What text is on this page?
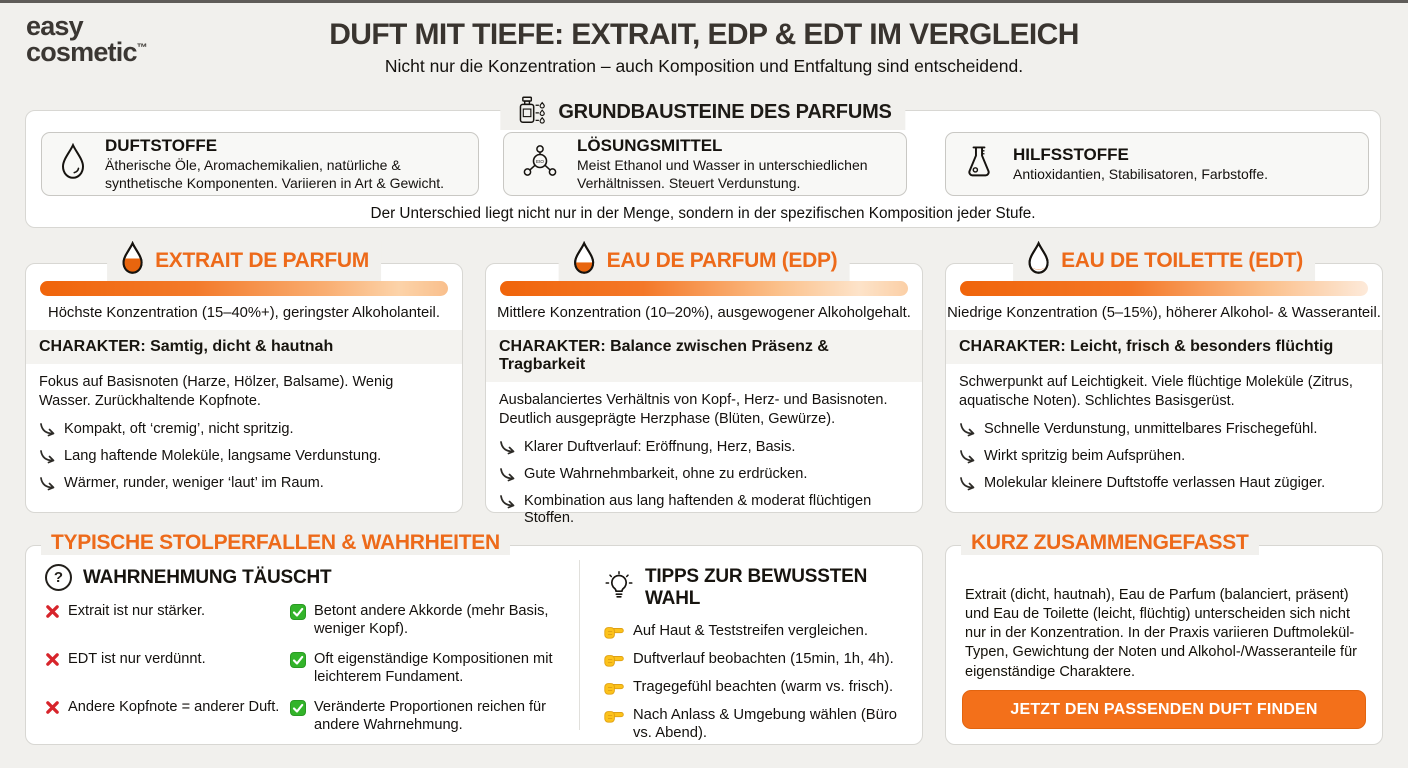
easy
cosmetic™	DUFT MIT TIEFE: EXTRAIT, EDP & EDT IM VERGLEICH
Nicht nur die Konzentration – auch Komposition und Entfaltung sind entscheidend.
GRUNDBAUSTEINE DES PARFUMS
DUFTSTOFFE
Ätherische Öle, Aromachemikalien, natürliche & synthetische Komponenten. Variieren in Art & Gewicht.
EtO
LÖSUNGSMITTEL
Meist Ethanol und Wasser in unterschiedlichen Verhältnissen. Steuert Verdunstung.
HILFSSTOFFE
Antioxidantien, Stabilisatoren, Farbstoffe.
Der Unterschied liegt nicht nur in der Menge, sondern in der spezifischen Komposition jeder Stufe.
EXTRAIT DE PARFUM
Höchste Konzentration (15–40%+), geringster Alkoholanteil.
CHARAKTER: Samtig, dicht & hautnah
Fokus auf Basisnoten (Harze, Hölzer, Balsame). Wenig Wasser. Zurückhaltende Kopfnote.
Kompakt, oft ‘cremig’, nicht spritzig.
Lang haftende Moleküle, langsame Verdunstung.
Wärmer, runder, weniger ‘laut’ im Raum.
EAU DE PARFUM (EDP)
Mittlere Konzentration (10–20%), ausgewogener Alkoholgehalt.
CHARAKTER: Balance zwischen Präsenz & Tragbarkeit
Ausbalanciertes Verhältnis von Kopf-, Herz- und Basisnoten. Deutlich ausgeprägte Herzphase (Blüten, Gewürze).
Klarer Duftverlauf: Eröffnung, Herz, Basis.
Gute Wahrnehmbarkeit, ohne zu erdrücken.
Kombination aus lang haftenden & moderat flüchtigen Stoffen.
EAU DE TOILETTE (EDT)
Niedrige Konzentration (5–15%), höherer Alkohol- & Wasseranteil.
CHARAKTER: Leicht, frisch & besonders flüchtig
Schwerpunkt auf Leichtigkeit. Viele flüchtige Moleküle (Zitrus, aquatische Noten). Schlichtes Basisgerüst.
Schnelle Verdunstung, unmittelbares Frischegefühl.
Wirkt spritzig beim Aufsprühen.
Molekular kleinere Duftstoffe verlassen Haut zügiger.
TYPISCHE STOLPERFALLEN & WAHRHEITEN
?	WAHRNEHMUNG TÄUSCHT
Extrait ist nur stärker.	Betont andere Akkorde (mehr Basis, weniger Kopf).
EDT ist nur verdünnt.	Oft eigenständige Kompositionen mit leichterem Fundament.
Andere Kopfnote = anderer Duft. Veränderte Proportionen reichen für andere Wahrnehmung.
TIPPS ZUR BEWUSSTEN WAHL
Auf Haut & Teststreifen vergleichen.
Duftverlauf beobachten (15min, 1h, 4h).
Tragegefühl beachten (warm vs. frisch).
Nach Anlass & Umgebung wählen (Büro vs. Abend).
KURZ ZUSAMMENGEFASST
Extrait (dicht, hautnah), Eau de Parfum (balanciert, präsent) und Eau de Toilette (leicht, flüchtig) unterscheiden sich nicht nur in der Konzentration. In der Praxis variieren Duftmolekül-Typen, Gewichtung der Noten und Alkohol-/Wasseranteile für eigenständige Charaktere.
JETZT DEN PASSENDEN DUFT FINDEN
